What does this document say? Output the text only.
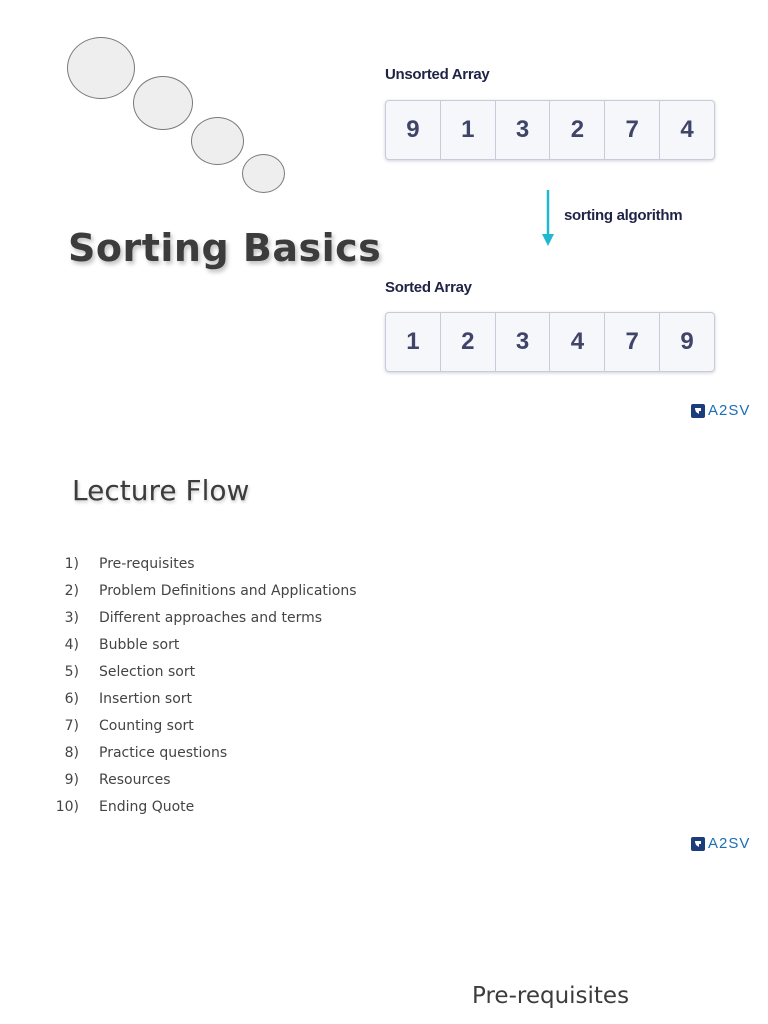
Sorting Basics
Unsorted Array
9	1	3	2	7	4
sorting algorithm
Sorted Array
1	2	3	4	7	9
A2SV
Lecture Flow
1) Pre-requisites
2) Problem Definitions and Applications
3) Different approaches and terms
4) Bubble sort
5) Selection sort
6) Insertion sort
7) Counting sort
8) Practice questions
9) Resources
10) Ending Quote
A2SV
Pre-requisites
